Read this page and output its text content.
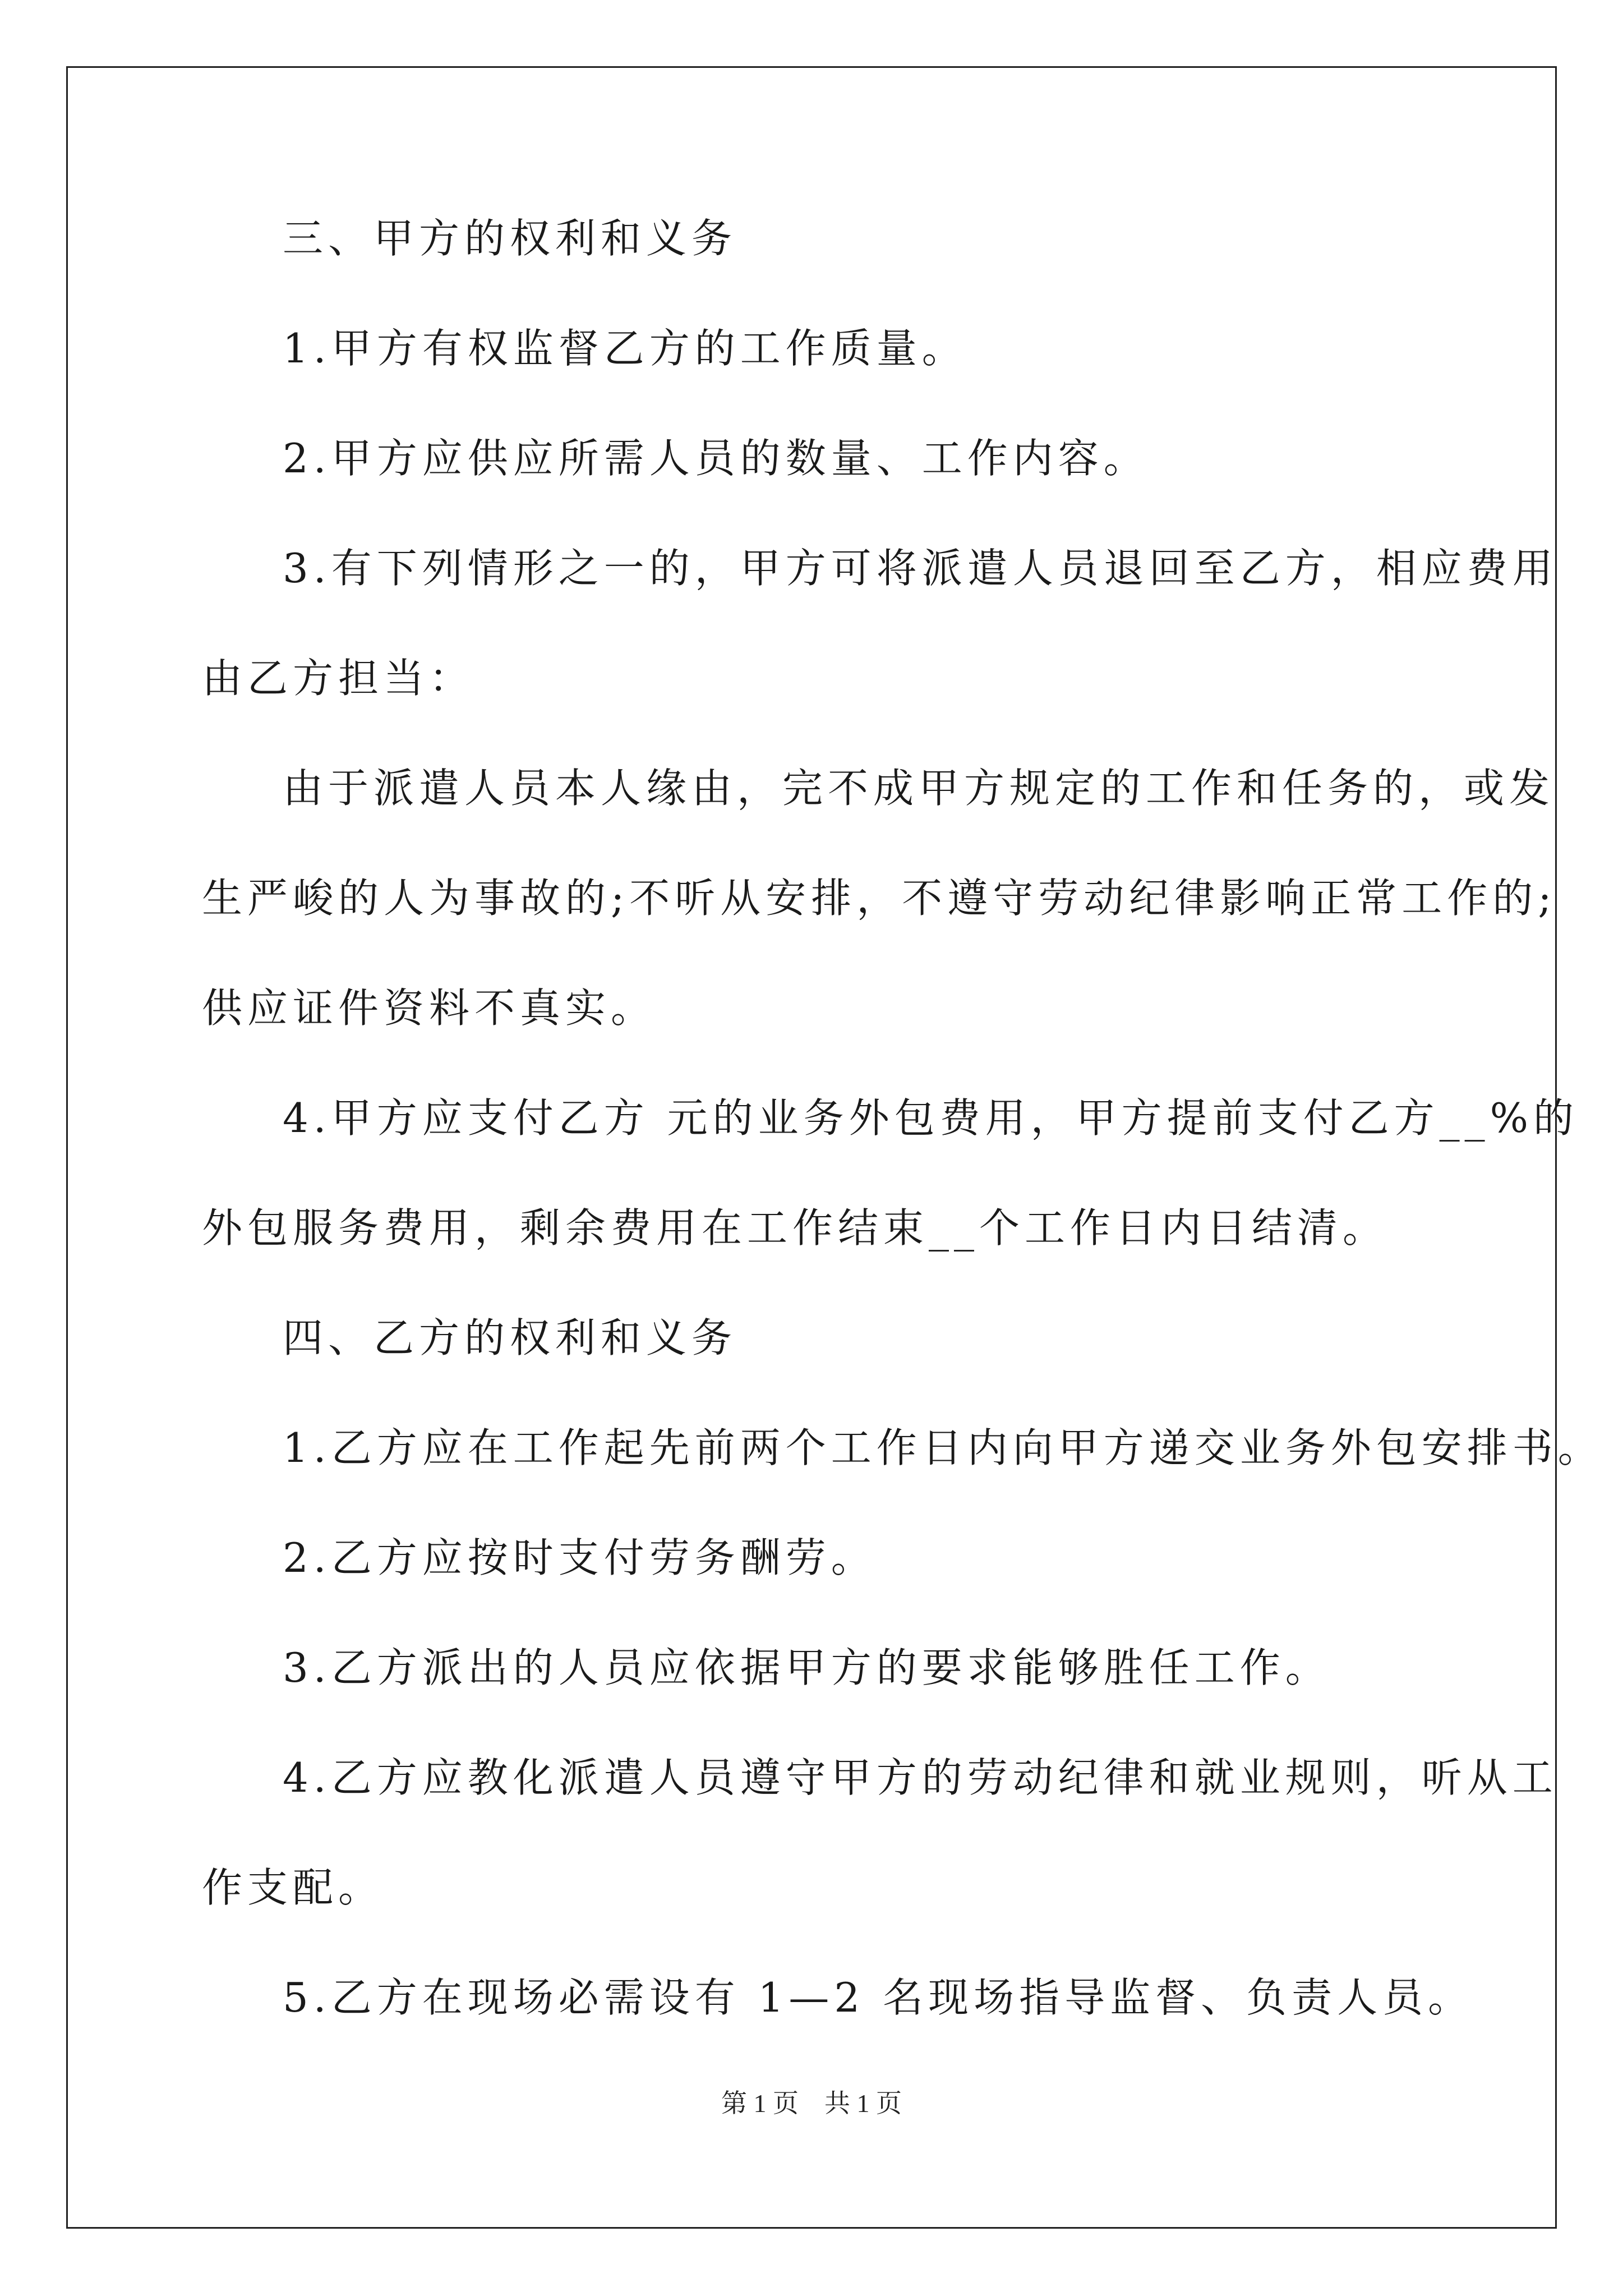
三、甲方的权利和义务
1.甲方有权监督乙方的工作质量。
2.甲方应供应所需人员的数量、工作内容。
3.有下列情形之一的，甲方可将派遣人员退回至乙方，相应费用
由乙方担当：
由于派遣人员本人缘由，完不成甲方规定的工作和任务的，或发
生严峻的人为事故的;不听从安排，不遵守劳动纪律影响正常工作的;
供应证件资料不真实。
4.甲方应支付乙方 元的业务外包费用，甲方提前支付乙方__%的
外包服务费用，剩余费用在工作结束__个工作日内日结清。
四、乙方的权利和义务
1.乙方应在工作起先前两个工作日内向甲方递交业务外包安排书。
2.乙方应按时支付劳务酬劳。
3.乙方派出的人员应依据甲方的要求能够胜任工作。
4.乙方应教化派遣人员遵守甲方的劳动纪律和就业规则，听从工
作支配。
5.乙方在现场必需设有 1—2 名现场指导监督、负责人员。
第 1 页 共 1 页
